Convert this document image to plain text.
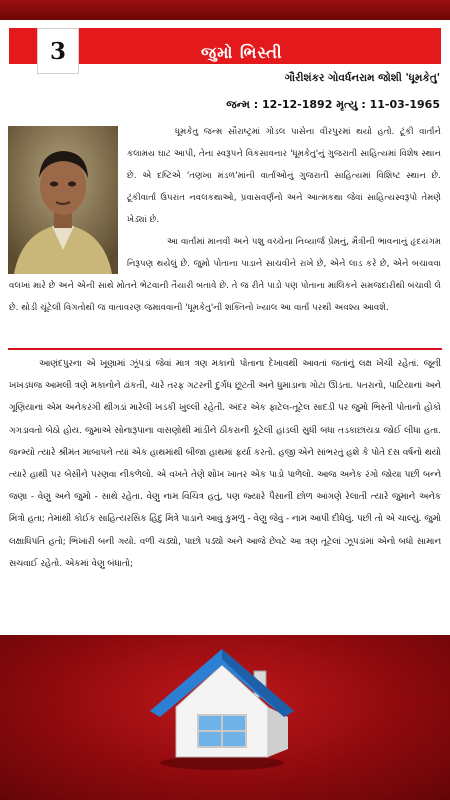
3	જુમો ભિસ્તી
ગૌરીશંકર ગોવર્ધનરામ જોશી 'ધૂમકેતુ'
જન્મ : 12-12-1892 મૃત્યુ : 11-03-1965

ધૂમકેતુ જન્મ સૌરાષ્ટ્રમાં ગોંડલ પાસેના વીરપુરમાં થયો હતો. ટૂંકી વાર્તાને કલામય ઘાટ આપી, તેના સ્વરૂપને વિકસાવનાર 'ધૂમકેતુ'નું ગુજરાતી સાહિત્યમાં વિશેષ સ્થાન છે. એ દષ્ટિએ 'તણખા મંડળ'માંની વાર્તાઓનું ગુજરાતી સાહિત્યમાં વિશિષ્ટ સ્થાન છે. ટૂંકીવાર્તા ઉપરાંત નવલકથાઓ, પ્રવાસવર્ણનો અને આત્મકથા જેવાં સાહિત્યસ્વરૂપો તેમણે ખેડ્યાં છે.

આ વાર્તામાં માનવી અને પશુ વચ્ચેના નિવ્યાર્જ પ્રેમનું, મૈત્રીની ભાવનાનું હૃદયંગમ નિરૂપણ થયેલું છે. જુમો પોતાના પાડાને સાચવીને રાખે છે, એને લાડ કરે છે, એને બચાવવા વલખાં મારે છે અને એની સાથે મોતને ભેટવાની તૈયારી બતાવે છે. તે જ રીતે પાડો પણ પોતાના માલિકને સમજદારીથી બચાવી લે છે. થોડી ચૂંટેલી વિગતોથી જ વાતાવરણ જમાવવાની 'ધૂમકેતુ'ની શક્તિનો ખ્યાલ આ વાર્તા પરથી અવશ્ય આવશે.

આણંદપુરના એ ખૂણામાં ઝૂંપડાં જેવાં માત્ર ત્રણ મકાનો પોતાના દેખાવથી આવતાં જતાંનું લક્ષ ખેંચી રહેતાં. જૂની ખખડધજ આમલી ત્રણે મકાનોને ઢાંકતી, ચારે તરફ ગટરની દુર્ગંધ છૂટતી અને ધુમાડાના ગોટા ઊડતા. પતરાનો, પાટિયાનાં અને ગૂણિયાનાં એમ અનેકરંગી થીગડાં મારેલી ખડકી ખુલ્લી રહેતી. અંદર એક ફાટેલ-તૂટેલ સાદડી પર જુમો ભિસ્તી પોતાનો હોકો ગગડાવતો બેઠો હોય. જુમાએ સોનારૂપાના વાસણોથી માંડીને ઠીકરાની કૂટેલી હાંડલી સુધી બધા તડકાછાંયડા જોઈ લીધા હતા. જન્મ્યો ત્યારે શ્રીમંત માબાપને ત્યાં એક હાથમાંથી બીજા હાથમાં ફર્યા કરતો. હજી એને સાંભરતું હશે કે પોતે દસ વર્ષનો થયો ત્યારે હાથી પર બેસીને પરણવા નીકળેલો. એ વખતે તેણે શોખ ખાતર એક પાડો પાળેલો. આજ અનેક રંગો જોયા પછી બન્ને જણા - વેણુ અને જુમો - સાથે રહેતા. વેણુ નામ વિચિત્ર હતું, પણ જ્યારે પૈસાની છોળ આંગણે રેલાતી ત્યારે જુમાને અનેક મિત્રો હતા; તેમાંથી કોઈક સાહિત્યરસિક હિંદુ મિત્રે પાડાને આવું કુમળું - વેણુ જેવું - નામ આપી દીધેલું. પછી તો એ ચાલ્યું. જુમો લક્ષાધિપતિ હતો; ભિખારી બની ગયો. વળી ચડ્યો, પાછો પડ્યો અને આજે છેવટે આ ત્રણ તૂટેલાં ઝૂપડાંમાં એનો બધો સામાન સચવાઈ રહેતો. એકમાં વેણુ બંધાતો;
